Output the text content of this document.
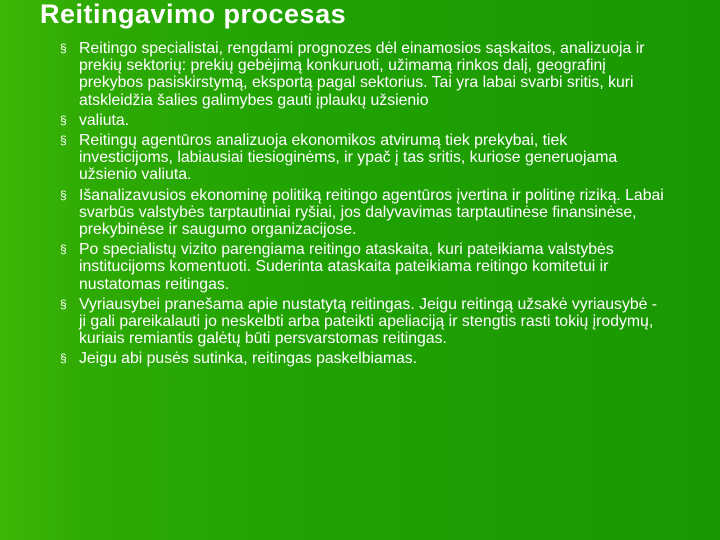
Reitingavimo procesas
§ Reitingo specialistai, rengdami prognozes dėl einamosios sąskaitos, analizuoja ir prekių sektorių: prekių gebėjimą konkuruoti, užimamą rinkos dalį, geografinį prekybos pasiskirstymą, eksportą pagal sektorius. Tai yra labai svarbi sritis, kuri atskleidžia šalies galimybes gauti įplaukų užsienio
§ valiuta.
§ Reitingų agentūros analizuoja ekonomikos atvirumą tiek prekybai, tiek investicijoms, labiausiai tiesioginėms, ir ypač į tas sritis, kuriose generuojama užsienio valiuta.
§ Išanalizavusios ekonominę politiką reitingo agentūros įvertina ir politinę riziką. Labai svarbūs valstybės tarptautiniai ryšiai, jos dalyvavimas tarptautinėse finansinėse, prekybinėse ir saugumo organizacijose.
§ Po specialistų vizito parengiama reitingo ataskaita, kuri pateikiama valstybės institucijoms komentuoti. Suderinta ataskaita pateikiama reitingo komitetui ir nustatomas reitingas.
§ Vyriausybei pranešama apie nustatytą reitingas. Jeigu reitingą užsakė vyriausybė -ji gali pareikalauti jo neskelbti arba pateikti apeliaciją ir stengtis rasti tokių įrodymų, kuriais remiantis galėtų būti persvarstomas reitingas.
§ Jeigu abi pusės sutinka, reitingas paskelbiamas.
